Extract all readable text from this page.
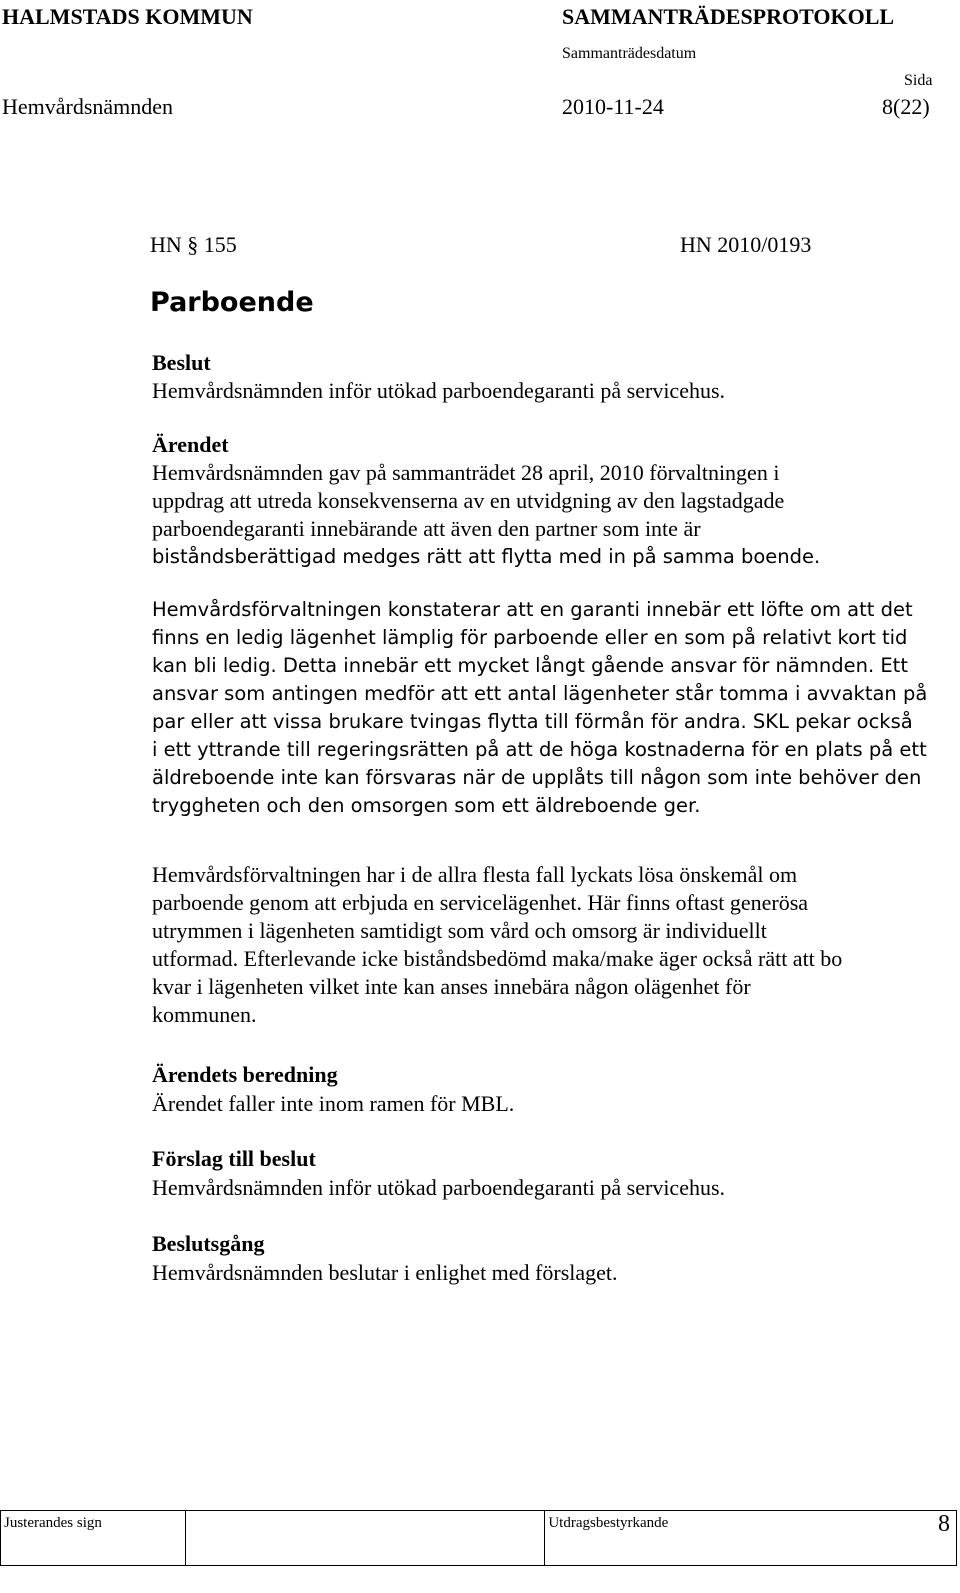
HALMSTADS KOMMUN	SAMMANTRÄDESPROTOKOLL
Sammanträdesdatum
Sida
Hemvårdsnämnden	2010-11-24	8(22)
HN § 155	HN 2010/0193
Parboende
Beslut
Hemvårdsnämnden inför utökad parboendegaranti på servicehus.
Ärendet
Hemvårdsnämnden gav på sammanträdet 28 april, 2010 förvaltningen i
uppdrag att utreda konsekvenserna av en utvidgning av den lagstadgade
parboendegaranti innebärande att även den partner som inte är
biståndsberättigad medges rätt att flytta med in på samma boende.
Hemvårdsförvaltningen konstaterar att en garanti innebär ett löfte om att det
finns en ledig lägenhet lämplig för parboende eller en som på relativt kort tid
kan bli ledig. Detta innebär ett mycket långt gående ansvar för nämnden. Ett
ansvar som antingen medför att ett antal lägenheter står tomma i avvaktan på
par eller att vissa brukare tvingas flytta till förmån för andra. SKL pekar också
i ett yttrande till regeringsrätten på att de höga kostnaderna för en plats på ett
äldreboende inte kan försvaras när de upplåts till någon som inte behöver den
tryggheten och den omsorgen som ett äldreboende ger.
Hemvårdsförvaltningen har i de allra flesta fall lyckats lösa önskemål om
parboende genom att erbjuda en servicelägenhet. Här finns oftast generösa
utrymmen i lägenheten samtidigt som vård och omsorg är individuellt
utformad. Efterlevande icke biståndsbedömd maka/make äger också rätt att bo
kvar i lägenheten vilket inte kan anses innebära någon olägenhet för
kommunen.
Ärendets beredning
Ärendet faller inte inom ramen för MBL.
Förslag till beslut
Hemvårdsnämnden inför utökad parboendegaranti på servicehus.
Beslutsgång
Hemvårdsnämnden beslutar i enlighet med förslaget.
Justerandes sign		Utdragsbestyrkande	8
